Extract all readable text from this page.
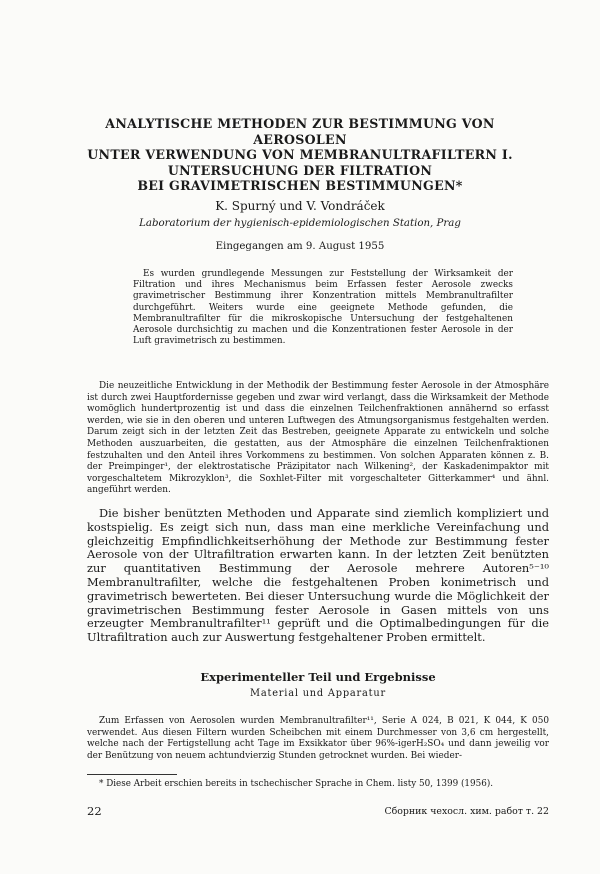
ANALYTISCHE METHODEN ZUR BESTIMMUNG VON AEROSOLEN
UNTER VERWENDUNG VON MEMBRANULTRAFILTERN I.
UNTERSUCHUNG DER FILTRATION
BEI GRAVIMETRISCHEN BESTIMMUNGEN*
K. Spurný und V. Vondráček
Laboratorium der hygienisch-epidemiologischen Station, Prag
Eingegangen am 9. August 1955
Es wurden grundlegende Messungen zur Feststellung der Wirksamkeit der Filtration und ihres Mechanismus beim Erfassen fester Aerosole zwecks gravimetrischer Bestimmung ihrer Konzentration mittels Membranultrafilter durchgeführt. Weiters wurde eine geeignete Methode gefunden, die Membranultrafilter für die mikroskopische Untersuchung der festgehaltenen Aerosole durchsichtig zu machen und die Konzentrationen fester Aerosole in der Luft gravimetrisch zu bestimmen.
Die neuzeitliche Entwicklung in der Methodik der Bestimmung fester Aerosole in der Atmosphäre ist durch zwei Hauptfordernisse gegeben und zwar wird verlangt, dass die Wirksamkeit der Methode womöglich hundertprozentig ist und dass die einzelnen Teilchenfraktionen annähernd so erfasst werden, wie sie in den oberen und unteren Luftwegen des Atmungsorganismus festgehalten werden. Darum zeigt sich in der letzten Zeit das Bestreben, geeignete Apparate zu entwickeln und solche Methoden auszuarbeiten, die gestatten, aus der Atmosphäre die einzelnen Teilchenfraktionen festzuhalten und den Anteil ihres Vorkommens zu bestimmen. Von solchen Apparaten können z. B. der Preimpinger¹, der elektrostatische Präzipitator nach Wilkening², der Kaskadenimpaktor mit vorgeschaltetem Mikrozyklon³, die Soxhlet-Filter mit vorgeschalteter Gitterkammer⁴ und ähnl. angeführt werden.
Die bisher benützten Methoden und Apparate sind ziemlich kompliziert und kostspielig. Es zeigt sich nun, dass man eine merkliche Vereinfachung und gleichzeitig Empfindlichkeitserhöhung der Methode zur Bestimmung fester Aerosole von der Ultrafiltration erwarten kann. In der letzten Zeit benützten zur quantitativen Bestimmung der Aerosole mehrere Autoren⁵⁻¹⁰ Membranultrafilter, welche die festgehaltenen Proben konimetrisch und gravimetrisch bewerteten. Bei dieser Untersuchung wurde die Möglichkeit der gravimetrischen Bestimmung fester Aerosole in Gasen mittels von uns erzeugter Membranultrafilter¹¹ geprüft und die Optimalbedingungen für die Ultrafiltration auch zur Auswertung festgehaltener Proben ermittelt.
Experimenteller Teil und Ergebnisse
Material und Apparatur
Zum Erfassen von Aerosolen wurden Membranultrafilter¹¹, Serie A 024, B 021, K 044, K 050 verwendet. Aus diesen Filtern wurden Scheibchen mit einem Durchmesser von 3,6 cm hergestellt, welche nach der Fertigstellung acht Tage im Exsikkator über 96%-igerH₂SO₄ und dann jeweilig vor der Benützung von neuem achtundvierzig Stunden getrocknet wurden. Bei wieder-
* Diese Arbeit erschien bereits in tschechischer Sprache in Chem. listy 50, 1399 (1956).
22	Сборник чехосл. хим. работ т. 22
